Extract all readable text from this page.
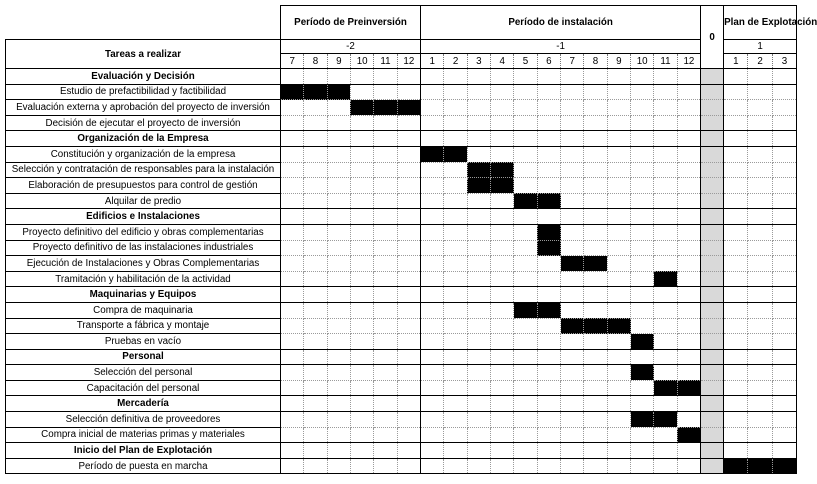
	Período de Preinversión						Período de instalación												0	Plan de Explotación		
Tareas a realizar	-2						-1													1		
	7	8	9	10	11	12	1	2	3	4	5	6	7	8	9	10	11	12		1	2	3
Evaluación y Decisión																						
Estudio de prefactibilidad y factibilidad																						
Evaluación externa y aprobación del proyecto de inversión																						
Decisión de ejecutar el proyecto de inversión																						
Organización de la Empresa																						
Constitución y organización de la empresa																						
Selección y contratación de responsables para la instalación																						
Elaboración de presupuestos para control de gestión																						
Alquilar de predio																						
Edificios e Instalaciones																						
Proyecto definitivo del edificio y obras complementarias																						
Proyecto definitivo de las instalaciones industriales																						
Ejecución de Instalaciones y Obras Complementarias																						
Tramitación y habilitación de la actividad																						
Maquinarias y Equipos																						
Compra de maquinaria																						
Transporte a fábrica y montaje																						
Pruebas en vacío																						
Personal																						
Selección del personal																						
Capacitación del personal																						
Mercadería																						
Selección definitiva de proveedores																						
Compra inicial de materias primas y materiales																						
Inicio del Plan de Explotación																						
Período de puesta en marcha																						
